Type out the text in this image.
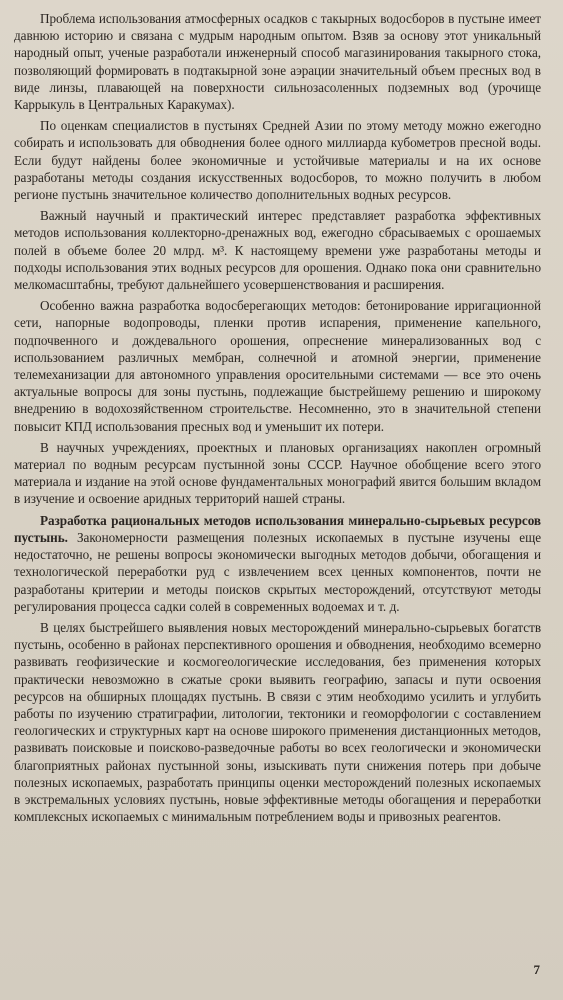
Проблема использования атмосферных осадков с такырных водосборов в пустыне имеет давнюю историю и связана с мудрым народным опытом. Взяв за основу этот уникальный народный опыт, ученые разработали инженерный способ магазинирования такырного стока, позволяющий формировать в подтакырной зоне аэрации значительный объем пресных вод в виде линзы, плавающей на поверхности сильнозасоленных подземных вод (урочище Каррыкуль в Центральных Каракумах).

По оценкам специалистов в пустынях Средней Азии по этому методу можно ежегодно собирать и использовать для обводнения более одного миллиарда кубометров пресной воды. Если будут найдены более экономичные и устойчивые материалы и на их основе разработаны методы создания искусственных водосборов, то можно получить в любом регионе пустынь значительное количество дополнительных водных ресурсов.

Важный научный и практический интерес представляет разработка эффективных методов использования коллекторно-дренажных вод, ежегодно сбрасываемых с орошаемых полей в объеме более 20 млрд. м³. К настоящему времени уже разработаны методы и подходы использования этих водных ресурсов для орошения. Однако пока они сравнительно мелкомасштабны, требуют дальнейшего усовершенствования и расширения.

Особенно важна разработка водосберегающих методов: бетонирование ирригационной сети, напорные водопроводы, пленки против испарения, применение капельного, подпочвенного и дождевального орошения, опреснение минерализованных вод с использованием различных мембран, солнечной и атомной энергии, применение телемеханизации для автономного управления оросительными системами — все это очень актуальные вопросы для зоны пустынь, подлежащие быстрейшему решению и широкому внедрению в водохозяйственном строительстве. Несомненно, это в значительной степени повысит КПД использования пресных вод и уменьшит их потери.

В научных учреждениях, проектных и плановых организациях накоплен огромный материал по водным ресурсам пустынной зоны СССР. Научное обобщение всего этого материала и издание на этой основе фундаментальных монографий явится большим вкладом в изучение и освоение аридных территорий нашей страны.

Разработка рациональных методов использования минерально-сырьевых ресурсов пустынь. Закономерности размещения полезных ископаемых в пустыне изучены еще недостаточно, не решены вопросы экономически выгодных методов добычи, обогащения и технологической переработки руд с извлечением всех ценных компонентов, почти не разработаны критерии и методы поисков скрытых месторождений, отсутствуют методы регулирования процесса садки солей в современных водоемах и т. д.

В целях быстрейшего выявления новых месторождений минерально-сырьевых богатств пустынь, особенно в районах перспективного орошения и обводнения, необходимо всемерно развивать геофизические и космогеологические исследования, без применения которых практически невозможно в сжатые сроки выявить географию, запасы и пути освоения ресурсов на обширных площадях пустынь. В связи с этим необходимо усилить и углубить работы по изучению стратиграфии, литологии, тектоники и геоморфологии с составлением геологических и структурных карт на основе широкого применения дистанционных методов, развивать поисковые и поисково-разведочные работы во всех геологически и экономически благоприятных районах пустынной зоны, изыскивать пути снижения потерь при добыче полезных ископаемых, разработать принципы оценки месторождений полезных ископаемых в экстремальных условиях пустынь, новые эффективные методы обогащения и переработки комплексных ископаемых с минимальным потреблением воды и привозных реагентов.

7
